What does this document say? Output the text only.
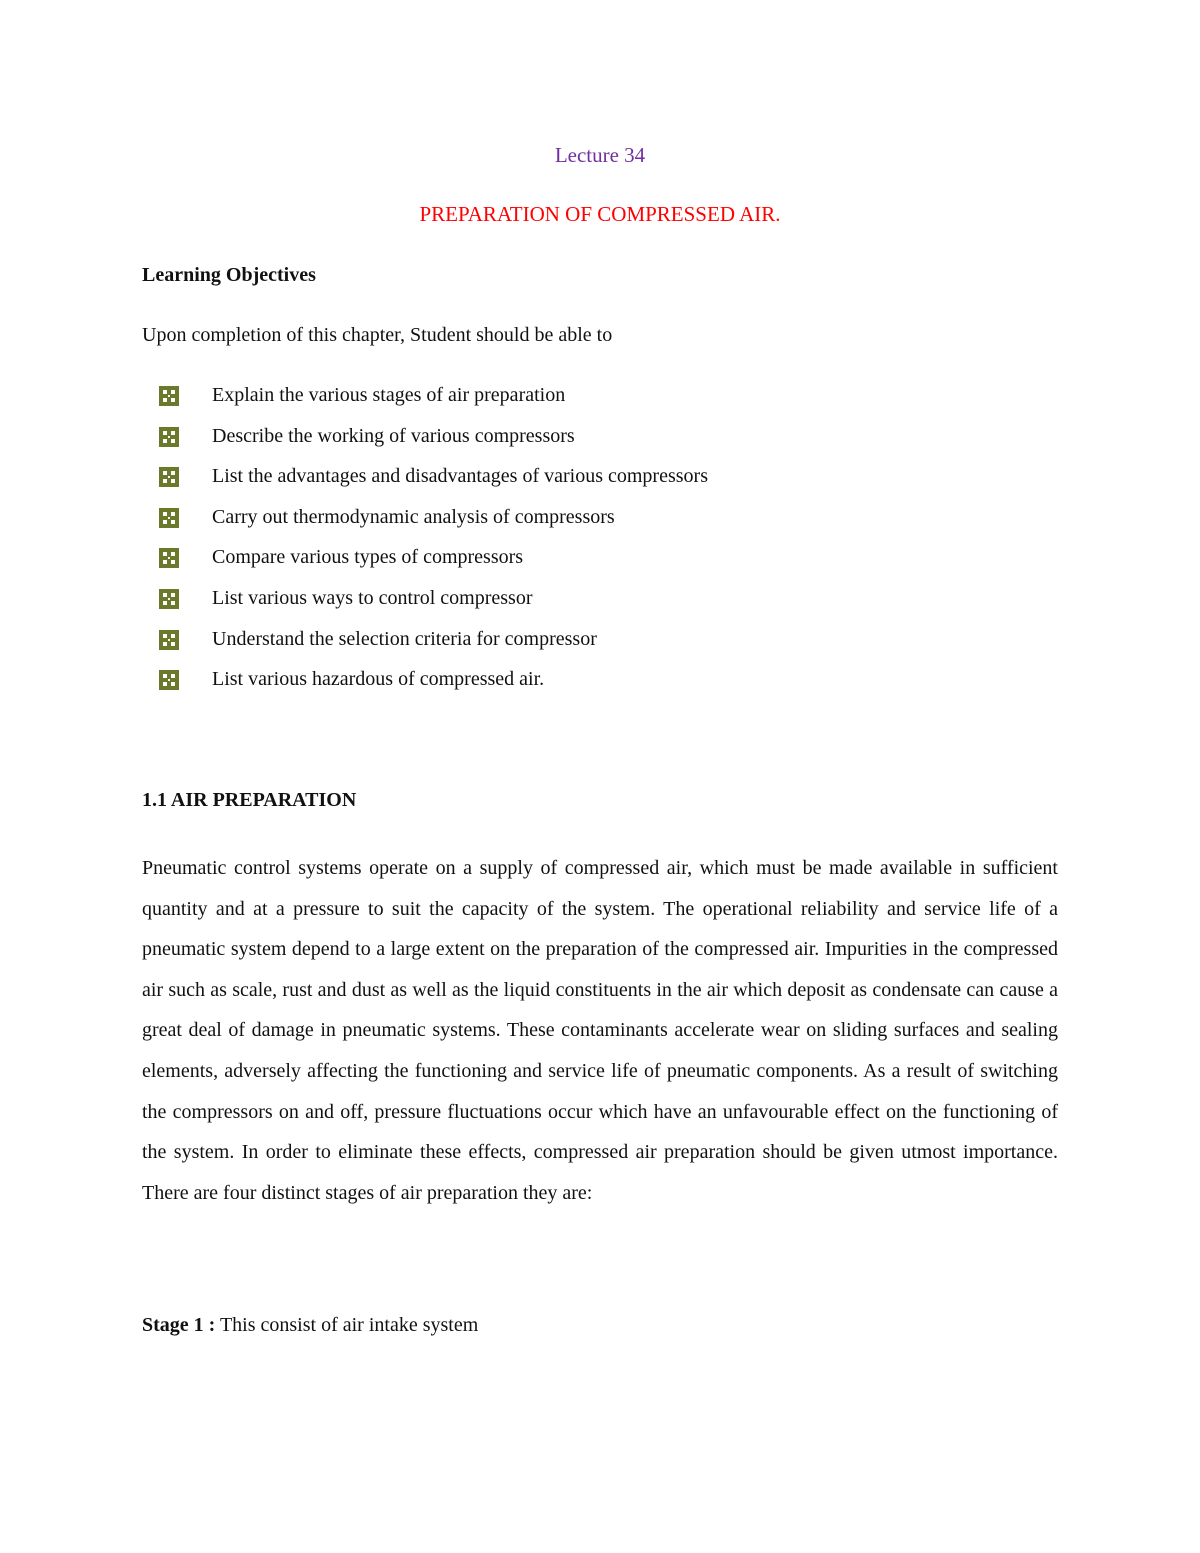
Lecture 34
PREPARATION OF COMPRESSED AIR.
Learning Objectives
Upon completion of this chapter, Student should be able to
Explain the various stages of air preparation
Describe the working of various compressors
List the advantages and disadvantages of various compressors
Carry out thermodynamic analysis of compressors
Compare various types of compressors
List various ways to control compressor
Understand the selection criteria for compressor
List various hazardous of compressed air.
1.1 AIR PREPARATION

Pneumatic control systems operate on a supply of compressed air, which must be made available in sufficient quantity and at a pressure to suit the capacity of the system. The operational reliability and service life of a pneumatic system depend to a large extent on the preparation of the compressed air. Impurities in the compressed air such as scale, rust and dust as well as the liquid constituents in the air which deposit as condensate can cause a great deal of damage in pneumatic systems. These contaminants accelerate wear on sliding surfaces and sealing elements, adversely affecting the functioning and service life of pneumatic components. As a result of switching the compressors on and off, pressure fluctuations occur which have an unfavourable effect on the functioning of the system. In order to eliminate these effects, compressed air preparation should be given utmost importance. There are four distinct stages of air preparation they are:

Stage 1 : This consist of air intake system
